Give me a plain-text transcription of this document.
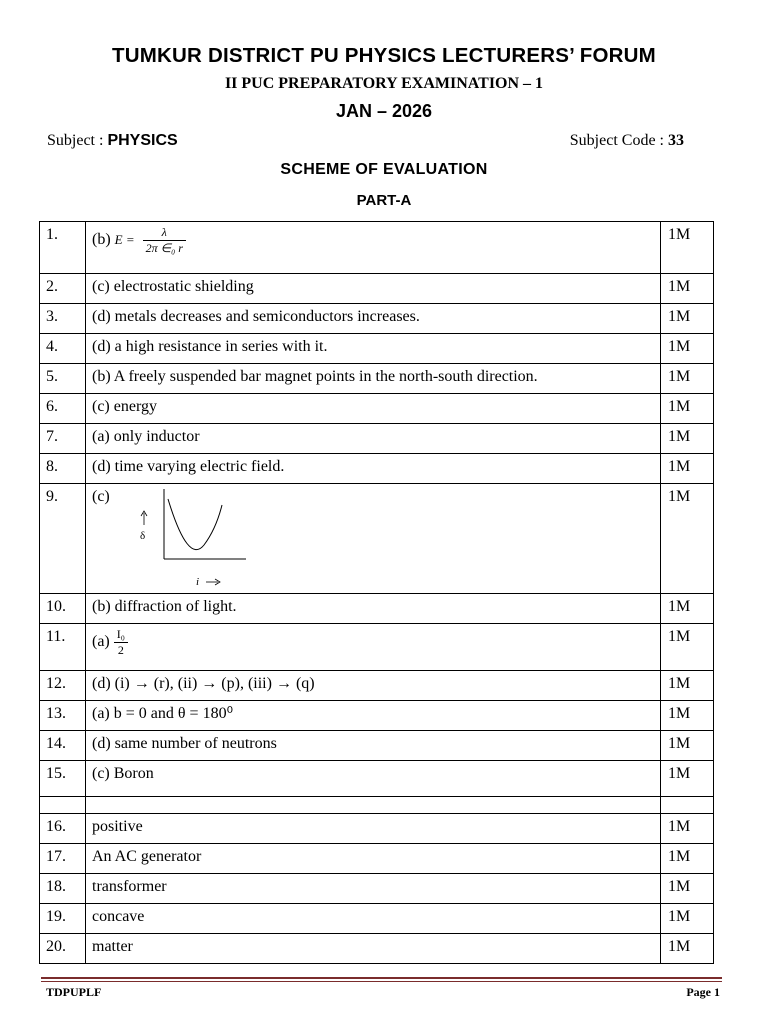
TUMKUR DISTRICT PU PHYSICS LECTURERS’ FORUM
II PUC PREPARATORY EXAMINATION – 1
JAN – 2026
Subject : PHYSICS	Subject Code : 33
SCHEME OF EVALUATION
PART-A
1.	(b) $E = \frac{\lambda}{\text{2π ∈₀ r}}$	1M
2.	(c) electrostatic shielding	1M
3.	(d) metals decreases and semiconductors increases.	1M
4.	(d) a high resistance in series with it.	1M
5.	(b) A freely suspended bar magnet points in the north-south direction.	1M
6.	(c) energy	1M
7.	(a) only inductor	1M
8.	(d) time varying electric field.	1M
9.	(c)
δ
i	1M
10.	(b) diffraction of light.	1M
11.	$(a) \frac{\text{I₀}}{2}$	1M
12.	(d) (i) → (r), (ii) → (p), (iii) → (q)	1M
13.	(a) b = 0 and θ = 180⁰	1M
14.	(d) same number of neutrons	1M
15.	(c) Boron	1M

16.	positive	1M
17.	An AC generator	1M
18.	transformer	1M
19.	concave	1M
20.	matter	1M
TDPUPLF	Page 1
